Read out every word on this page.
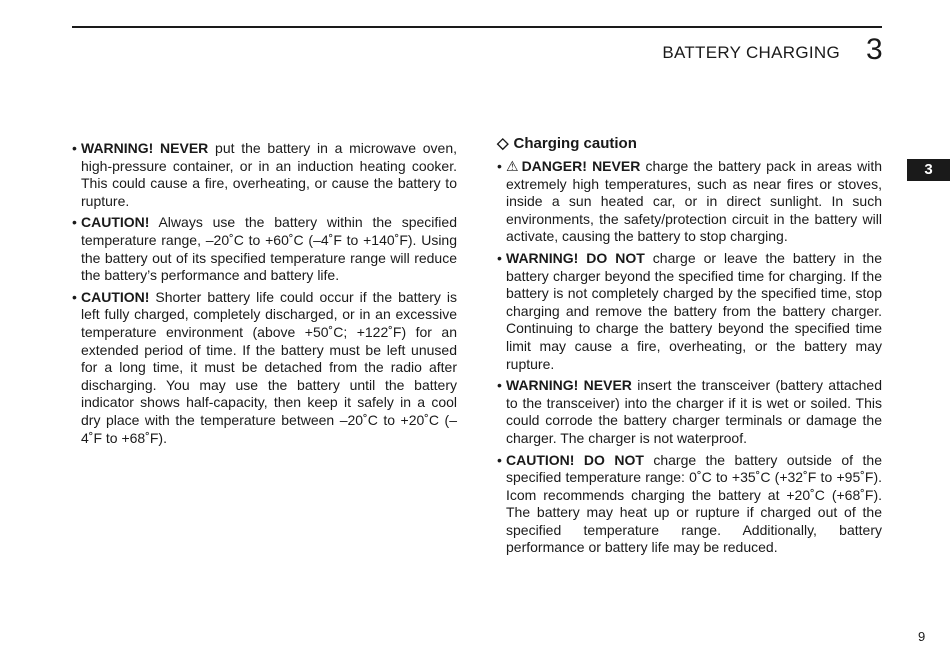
BATTERY CHARGING 3
3
• WARNING! NEVER put the battery in a microwave oven, high-pressure container, or in an induction heating cooker. This could cause a fire, overheating, or cause the battery to rupture.
• CAUTION! Always use the battery within the specified temperature range, –20˚C to +60˚C (–4˚F to +140˚F). Using the battery out of its specified temperature range will reduce the battery’s performance and battery life.
• CAUTION! Shorter battery life could occur if the battery is left fully charged, completely discharged, or in an excessive temperature environment (above +50˚C; +122˚F) for an extended period of time. If the battery must be left unused for a long time, it must be detached from the radio after discharging. You may use the battery until the battery indicator shows half-capacity, then keep it safely in a cool dry place with the temperature between –20˚C to +20˚C (–4˚F to +68˚F).
◇ Charging caution
• ⚠ DANGER! NEVER charge the battery pack in areas with extremely high temperatures, such as near fires or stoves, inside a sun heated car, or in direct sunlight. In such environments, the safety/protection circuit in the battery will activate, causing the battery to stop charging.
• WARNING! DO NOT charge or leave the battery in the battery charger beyond the specified time for charging. If the battery is not completely charged by the specified time, stop charging and remove the battery from the battery charger. Continuing to charge the battery beyond the specified time limit may cause a fire, overheating, or the battery may rupture.
• WARNING! NEVER insert the transceiver (battery attached to the transceiver) into the charger if it is wet or soiled. This could corrode the battery charger terminals or damage the charger. The charger is not waterproof.
• CAUTION! DO NOT charge the battery outside of the specified temperature range: 0˚C to +35˚C (+32˚F to +95˚F). Icom recommends charging the battery at +20˚C (+68˚F). The battery may heat up or rupture if charged out of the specified temperature range. Additionally, battery performance or battery life may be reduced.
9
